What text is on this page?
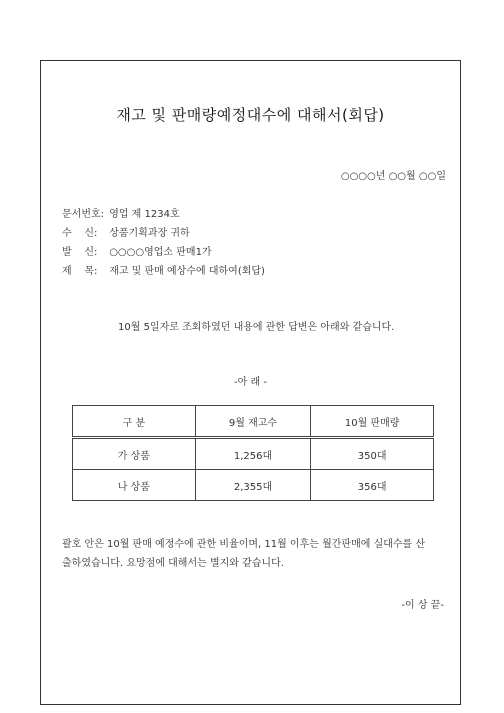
재고 및 판매량예정대수에 대해서(회답)
○○○○년 ○○월 ○○일
문서번호: 영업 제 1234호
수    신: 상품기획과장 귀하
발    신: ○○○○영업소 판매1가
제    목: 재고 및 판매 예상수에 대하여(회답)
10월 5일자로 조회하였던 내용에 관한 답변은 아래와 같습니다.
-아 래 -
구 분	9월 재고수	10월 판매량
가 상품	1,256대	350대
나 상품	2,355대	356대
괄호 안은 10월 판매 예정수에 관한 비율이며, 11월 이후는 월간판매에 실대수를 산
출하였습니다. 요망점에 대해서는 별지와 같습니다.
-이 상 끝-
